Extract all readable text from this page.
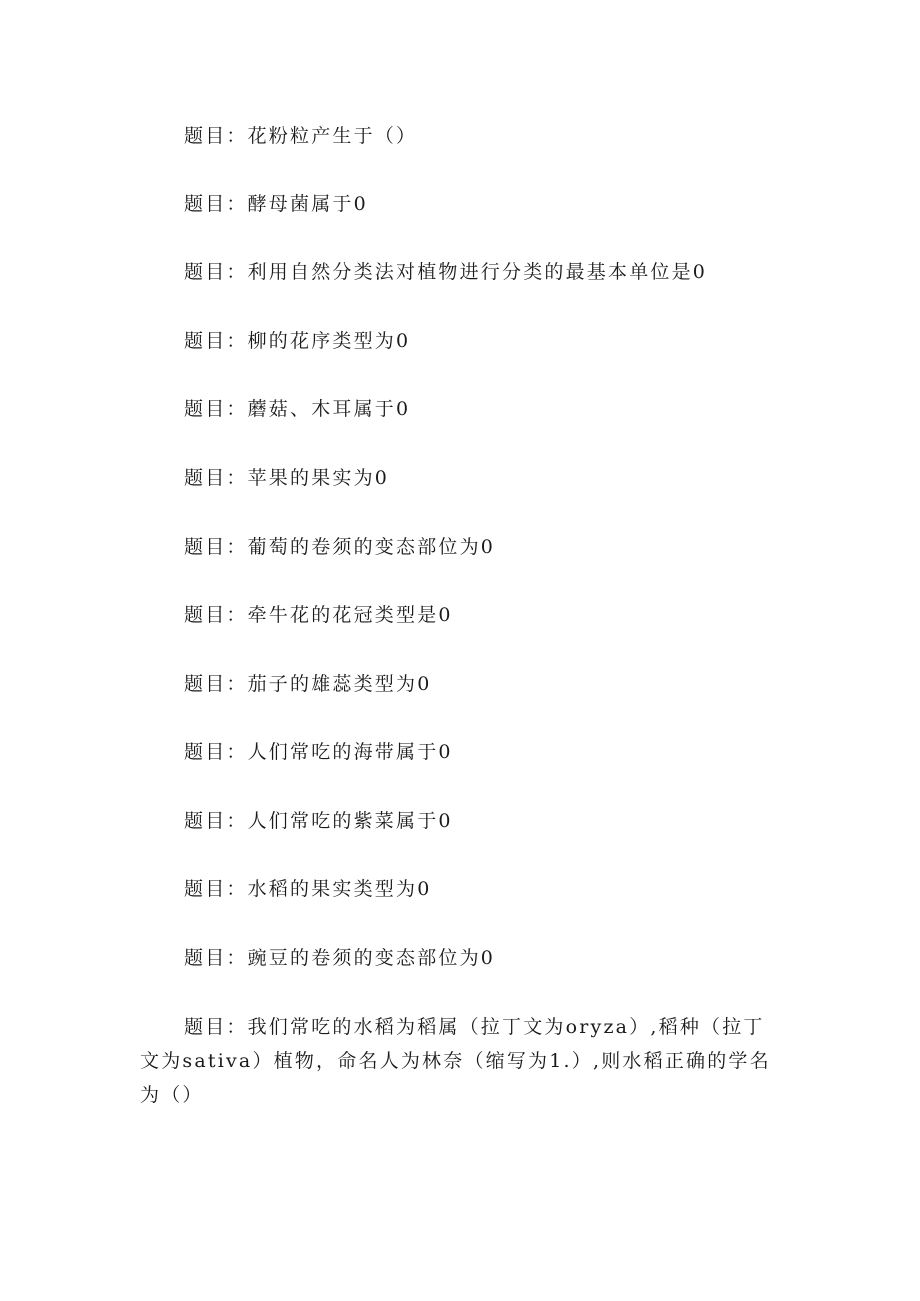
题目：花粉粒产生于（）
题目：酵母菌属于0
题目：利用自然分类法对植物进行分类的最基本单位是0
题目：柳的花序类型为0
题目：蘑菇、木耳属于0
题目：苹果的果实为0
题目：葡萄的卷须的变态部位为0
题目：牵牛花的花冠类型是0
题目：茄子的雄蕊类型为0
题目：人们常吃的海带属于0
题目：人们常吃的紫菜属于0
题目：水稻的果实类型为0
题目：豌豆的卷须的变态部位为0
题目：我们常吃的水稻为稻属（拉丁文为oryza）,稻种（拉丁文为sativa）植物，命名人为林奈（缩写为1.）,则水稻正确的学名为（）
